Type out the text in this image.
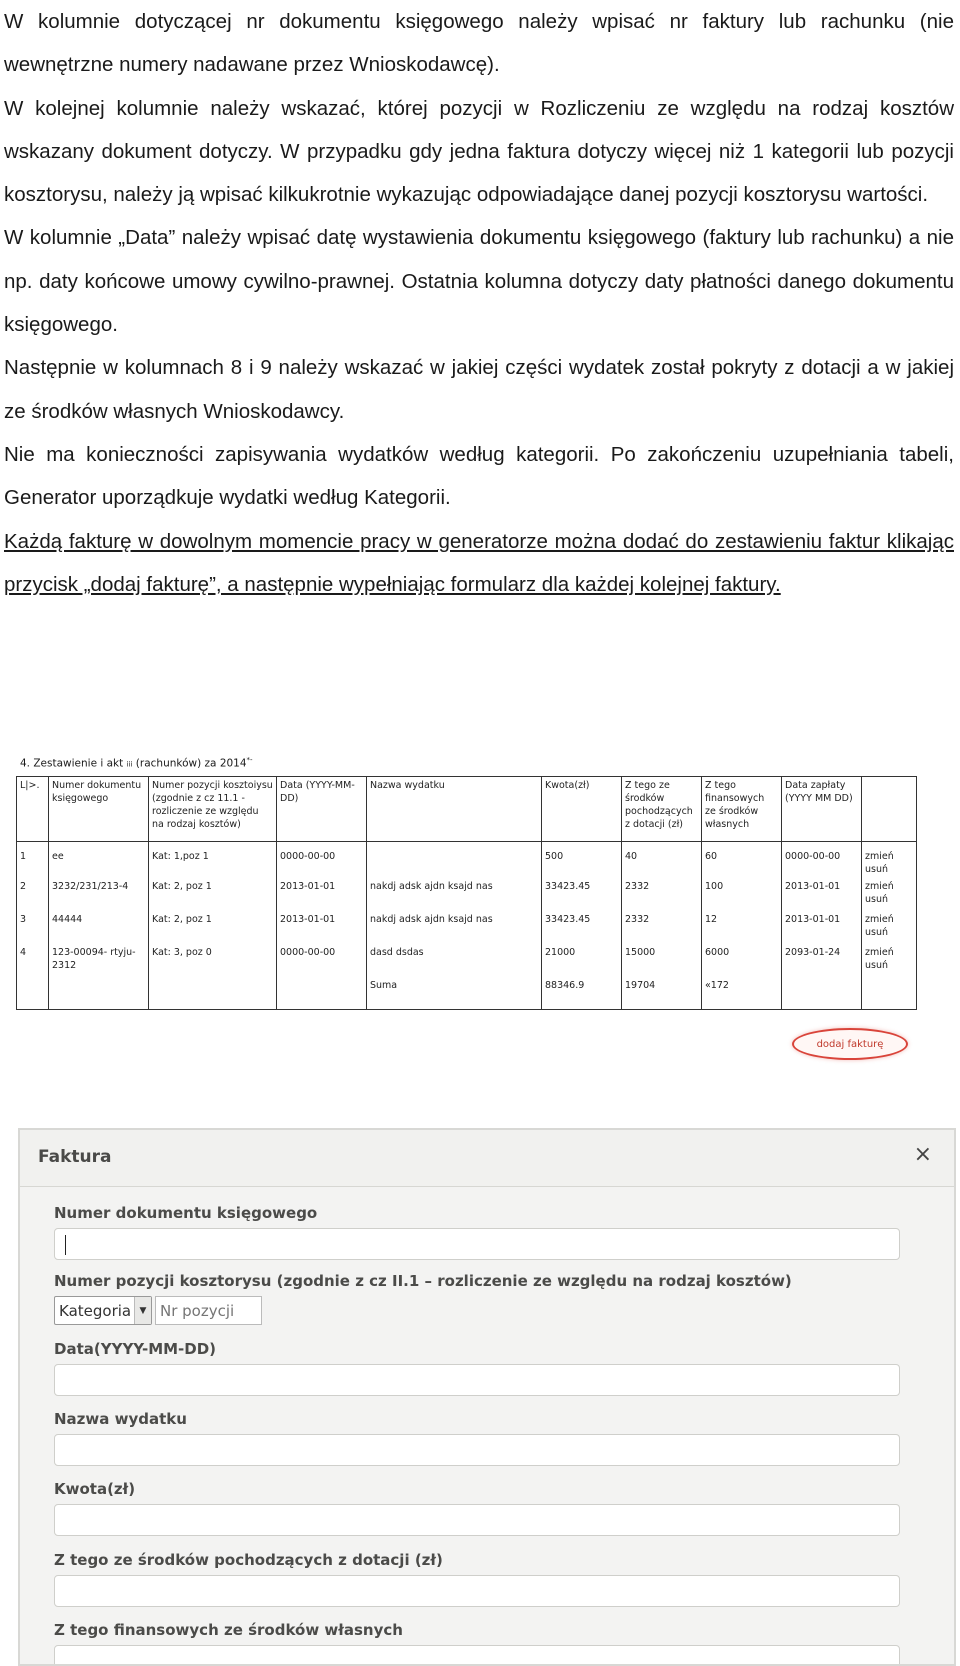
W kolumnie dotyczącej nr dokumentu księgowego należy wpisać nr faktury lub rachunku (nie wewnętrzne numery nadawane przez Wnioskodawcę).

W kolejnej kolumnie należy wskazać, której pozycji w Rozliczeniu ze względu na rodzaj kosztów wskazany dokument dotyczy. W przypadku gdy jedna faktura dotyczy więcej niż 1 kategorii lub pozycji kosztorysu, należy ją wpisać kilkukrotnie wykazując odpowiadające danej pozycji kosztorysu wartości.

W kolumnie „Data” należy wpisać datę wystawienia dokumentu księgowego (faktury lub rachunku) a nie np. daty końcowe umowy cywilno-prawnej. Ostatnia kolumna dotyczy daty płatności danego dokumentu księgowego.

Następnie w kolumnach 8 i 9 należy wskazać w jakiej części wydatek został pokryty z dotacji a w jakiej ze środków własnych Wnioskodawcy.

Nie ma konieczności zapisywania wydatków według kategorii. Po zakończeniu uzupełniania tabeli, Generator uporządkuje wydatki według Kategorii.

Każdą fakturę w dowolnym momencie pracy w generatorze można dodać do zestawieniu faktur klikając przycisk „dodaj fakturę”, a następnie wypełniając formularz dla każdej kolejnej faktury.

4. Zestawienie i akt iii (rachunków) za 2014*-
L|>.	Numer dokumentu księgowego	Numer pozycji kosztoiysu (zgodnie z cz 11.1 - rozliczenie ze względu na rodzaj kosztów)	Data (YYYY-MM-DD)	Nazwa wydatku	Kwota(zł)	Z tego ze środków pochodzących z dotacji (zł)	Z tego finansowych ze środków własnych	Data zapłaty (YYYY MM DD)	
1	ee	Kat: 1,poz 1	0000-00-00		500	40	60	0000-00-00	zmień
usuń

2	3232/231/213-4	Kat: 2, poz 1	2013-01-01	nakdj adsk ajdn ksajd nas	33423.45	2332	100	2013-01-01	zmień
usuń

3	44444	Kat: 2, poz 1	2013-01-01	nakdj adsk ajdn ksajd nas	33423.45	2332	12	2013-01-01	zmień
usuń

4	123-00094- rtyju-2312	Kat: 3, poz 0	0000-00-00	dasd dsdas	21000	15000	6000	2093-01-24	zmień
usuń

				Suma	88346.9	19704	«172		
dodaj fakturę
Faktura	×
Numer dokumentu księgowego
Numer pozycji kosztorysu (zgodnie z cz II.1 – rozliczenie ze względu na rodzaj kosztów)
Kategoria ▼
Nr pozycji
Data(YYYY-MM-DD)
Nazwa wydatku
Kwota(zł)
Z tego ze środków pochodzących z dotacji (zł)
Z tego finansowych ze środków własnych
